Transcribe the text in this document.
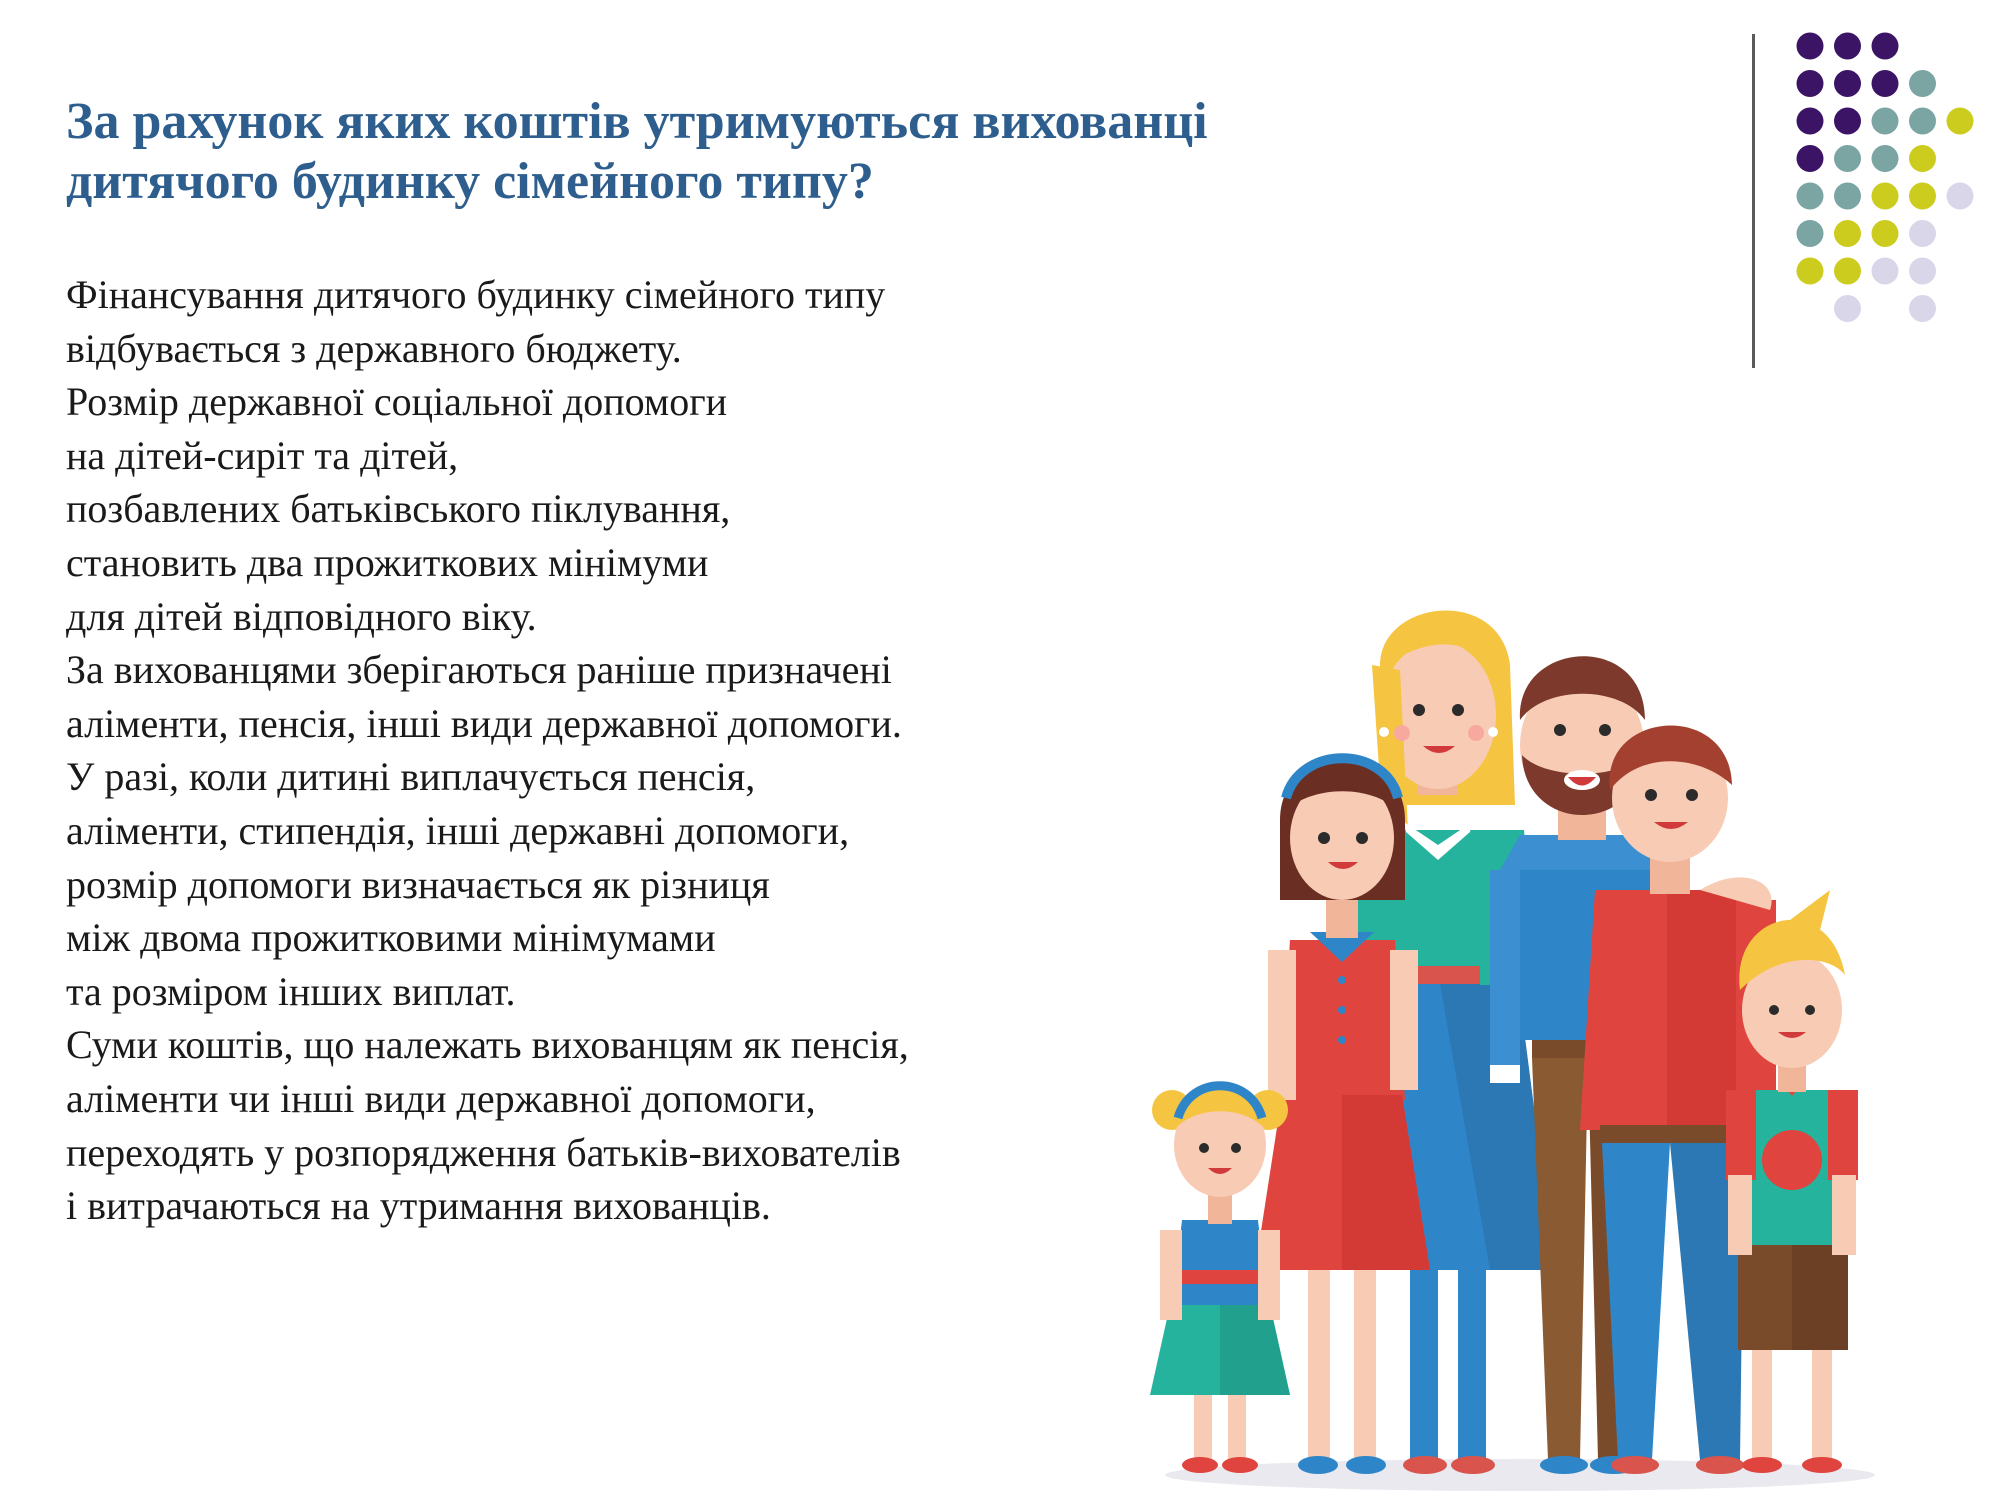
За рахунок яких коштів утримуються вихованці
дитячого будинку сімейного типу?
Фінансування дитячого будинку сімейного типу
відбувається з державного бюджету.
Розмір державної соціальної допомоги
на дітей-сиріт та дітей,
позбавлених батьківського піклування,
становить два прожиткових мінімуми
для дітей відповідного віку.
За вихованцями зберігаються раніше призначені
аліменти, пенсія, інші види державної допомоги.
У разі, коли дитині виплачується пенсія,
аліменти, стипендія, інші державні допомоги,
розмір допомоги визначається як різниця
між двома прожитковими мінімумами
та розміром інших виплат.
Суми коштів, що належать вихованцям як пенсія,
аліменти чи інші види державної допомоги,
переходять у розпорядження батьків-вихователів
і витрачаються на утримання вихованців.
